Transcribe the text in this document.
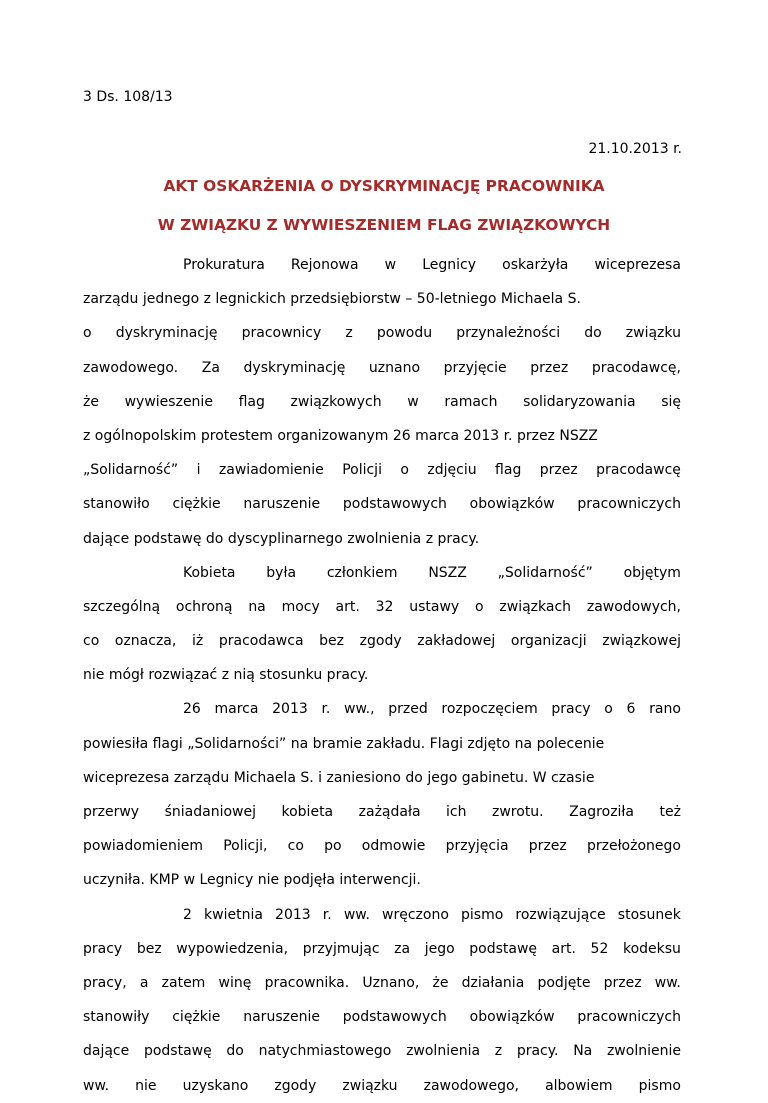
3 Ds. 108/13
21.10.2013 r.
AKT OSKARŻENIA O DYSKRYMINACJĘ PRACOWNIKA
W ZWIĄZKU Z WYWIESZENIEM FLAG ZWIĄZKOWYCH
Prokuratura Rejonowa w Legnicy oskarżyła wiceprezesa
zarządu jednego z legnickich przedsiębiorstw – 50-letniego Michaela S.
o dyskryminację pracownicy z powodu przynależności do związku
zawodowego. Za dyskryminację uznano przyjęcie przez pracodawcę,
że wywieszenie flag związkowych w ramach solidaryzowania się
z ogólnopolskim protestem organizowanym 26 marca 2013 r. przez NSZZ
„Solidarność” i zawiadomienie Policji o zdjęciu flag przez pracodawcę
stanowiło ciężkie naruszenie podstawowych obowiązków pracowniczych
dające podstawę do dyscyplinarnego zwolnienia z pracy.
Kobieta była członkiem NSZZ „Solidarność” objętym
szczególną ochroną na mocy art. 32 ustawy o związkach zawodowych,
co oznacza, iż pracodawca bez zgody zakładowej organizacji związkowej
nie mógł rozwiązać z nią stosunku pracy.
26 marca 2013 r. ww., przed rozpoczęciem pracy o 6 rano
powiesiła flagi „Solidarności” na bramie zakładu. Flagi zdjęto na polecenie
wiceprezesa zarządu Michaela S. i zaniesiono do jego gabinetu. W czasie
przerwy śniadaniowej kobieta zażądała ich zwrotu. Zagroziła też
powiadomieniem Policji, co po odmowie przyjęcia przez przełożonego
uczyniła. KMP w Legnicy nie podjęła interwencji.
2 kwietnia 2013 r. ww. wręczono pismo rozwiązujące stosunek
pracy bez wypowiedzenia, przyjmując za jego podstawę art. 52 kodeksu
pracy, a zatem winę pracownika. Uznano, że działania podjęte przez ww.
stanowiły ciężkie naruszenie podstawowych obowiązków pracowniczych
dające podstawę do natychmiastowego zwolnienia z pracy. Na zwolnienie
ww. nie uzyskano zgody związku zawodowego, albowiem pismo
